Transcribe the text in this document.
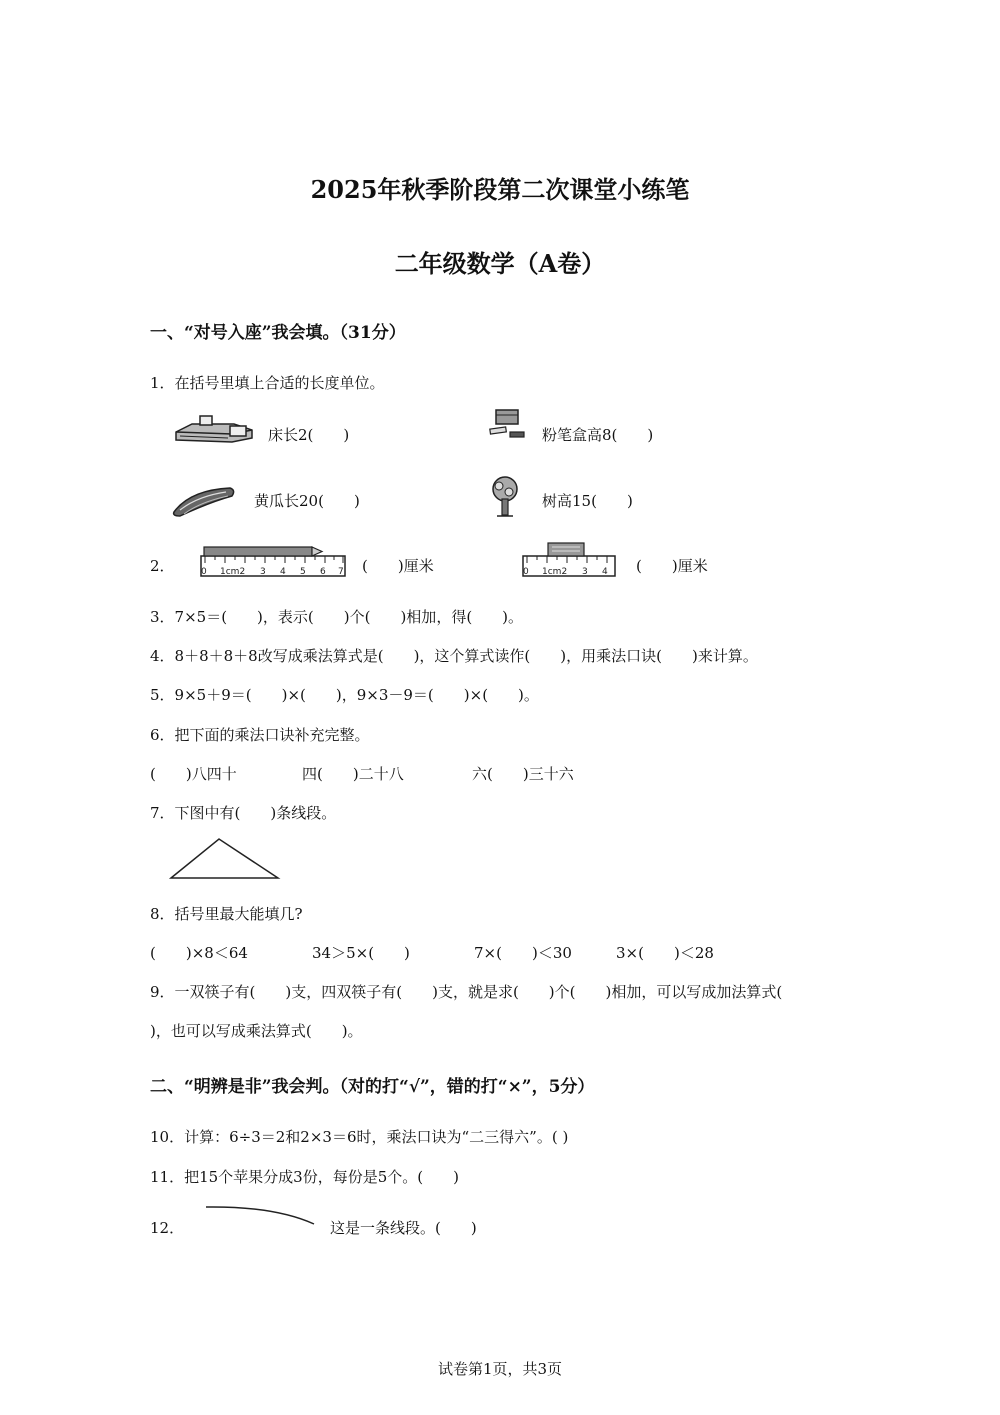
2025年秋季阶段第二次课堂小练笔
二年级数学（A卷）
一、“对号入座”我会填。（31分）
1．在括号里填上合适的长度单位。
床长2(　　)	粉笔盒高8(　　)
黄瓜长20(　　)	树高15(　　)
2．	0 1cm2 3 4 5 6 7 (　　)厘米	0 1cm2 3 4 (　　)厘米
3．7×5＝(　　)，表示(　　)个(　　)相加，得(　　)。
4．8＋8＋8＋8改写成乘法算式是(　　)，这个算式读作(　　)，用乘法口诀(　　)来计算。
5．9×5＋9＝(　　)×(　　)，9×3－9＝(　　)×(　　)。
6．把下面的乘法口诀补充完整。
(　　)八四十	四(　　)二十八	六(　　)三十六
7．下图中有(　　)条线段。
8．括号里最大能填几?
(　　)×8＜64	34＞5×(　　)	7×(　　)＜30	3×(　　)＜28
9．一双筷子有(　　)支，四双筷子有(　　)支，就是求(　　)个(　　)相加，可以写成加法算式(
)，也可以写成乘法算式(　　)。
二、“明辨是非”我会判。（对的打“√”，错的打“×”，5分）
10．计算：6÷3＝2和2×3＝6时，乘法口诀为“二三得六”。( )
11．把15个苹果分成3份，每份是5个。(　　)
12．	这是一条线段。(　　)
试卷第1页，共3页
